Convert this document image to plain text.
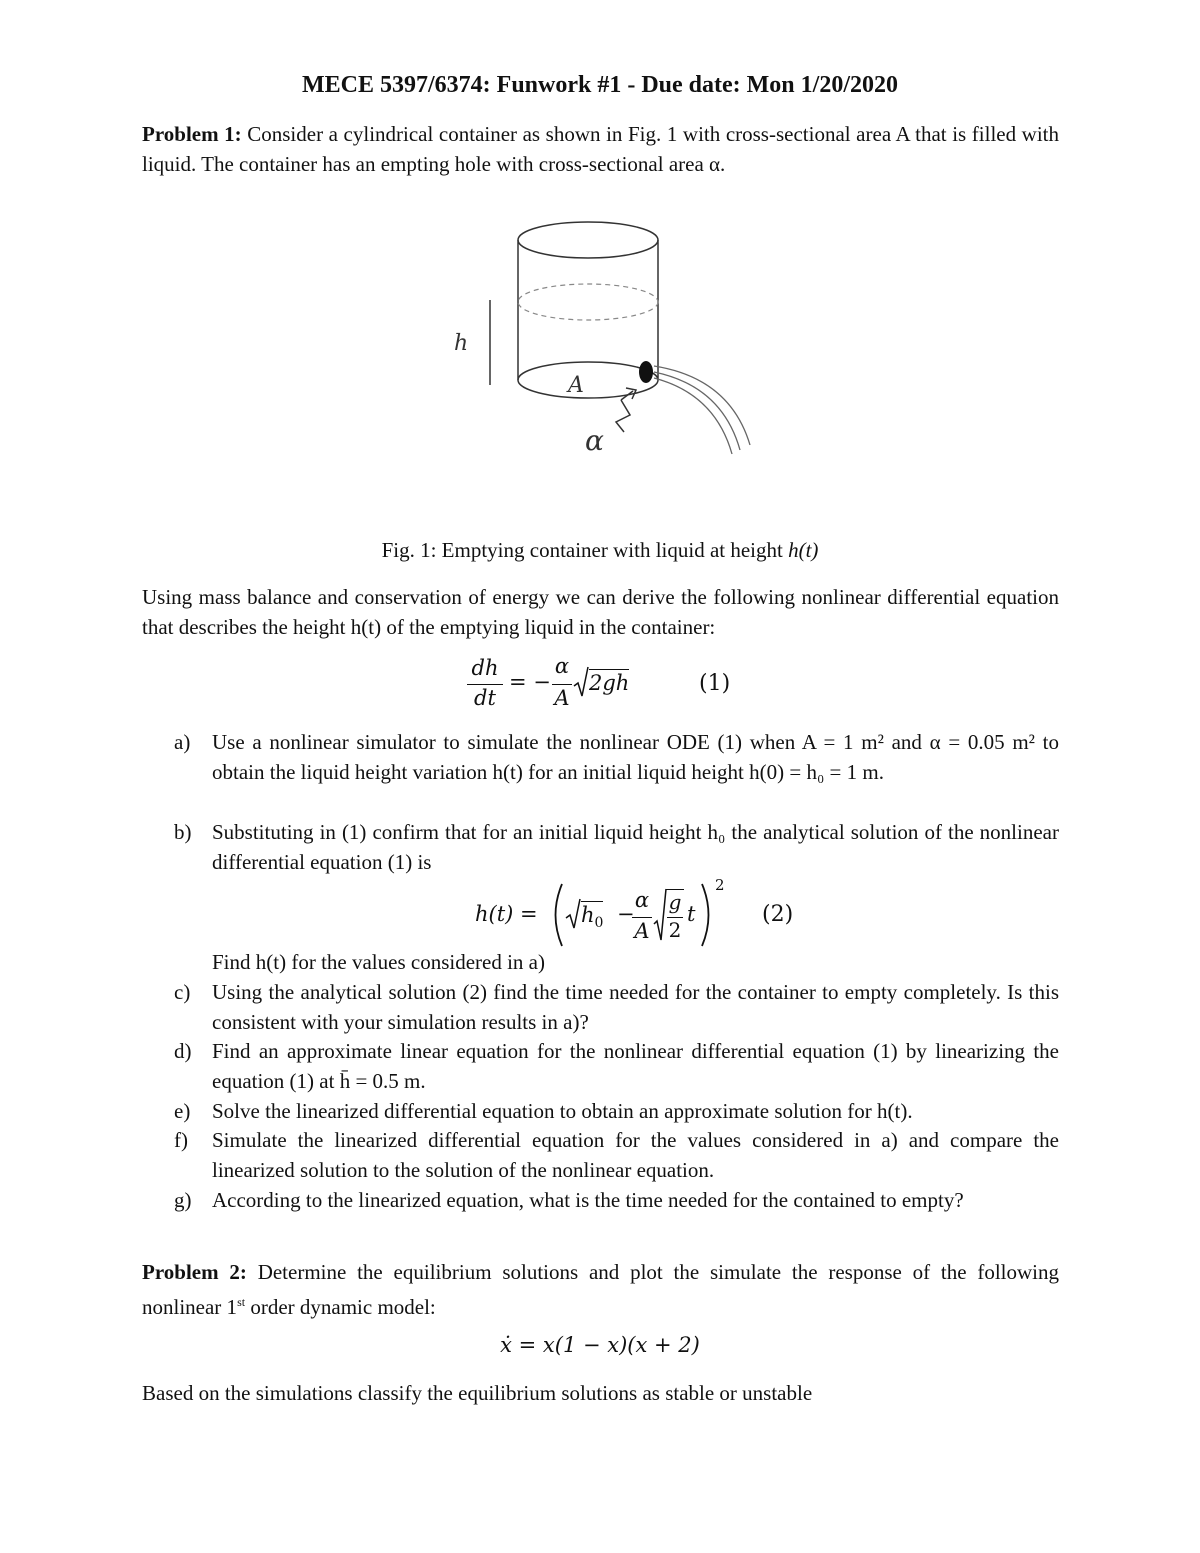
MECE 5397/6374: Funwork #1 - Due date: Mon 1/20/2020
Problem 1: Consider a cylindrical container as shown in Fig. 1 with cross-sectional area A that is filled with liquid. The container has an empting hole with cross-sectional area α.
h
A
α
Fig. 1: Emptying container with liquid at height h(t)
Using mass balance and conservation of energy we can derive the following nonlinear differential equation that describes the height h(t) of the emptying liquid in the container:
dh
dt
= −
α
A
2gh	(1)
a)	Use a nonlinear simulator to simulate the nonlinear ODE (1) when A = 1 m² and α = 0.05 m² to obtain the liquid height variation h(t) for an initial liquid height h(0) = h₀ = 1 m.
b) Substituting in (1) confirm that for an initial liquid height h₀ the analytical solution of the nonlinear differential equation (1) is
$h(t) = h_0$ −
α
A
g
2
t
2
(2)
Find h(t) for the values considered in a)
c)	Using the analytical solution (2) find the time needed for the container to empty completely. Is this consistent with your simulation results in a)?
d) Find an approximate linear equation for the nonlinear differential equation (1) by linearizing the equation (1) at h̄ = 0.5 m.
e)	Solve the linearized differential equation to obtain an approximate solution for h(t).
f)	Simulate the linearized differential equation for the values considered in a) and compare the linearized solution to the solution of the nonlinear equation.
g) According to the linearized equation, what is the time needed for the contained to empty?
Problem 2: Determine the equilibrium solutions and plot the simulate the response of the following nonlinear 1st order dynamic model:
ẋ = x(1 − x)(x + 2)
Based on the simulations classify the equilibrium solutions as stable or unstable
